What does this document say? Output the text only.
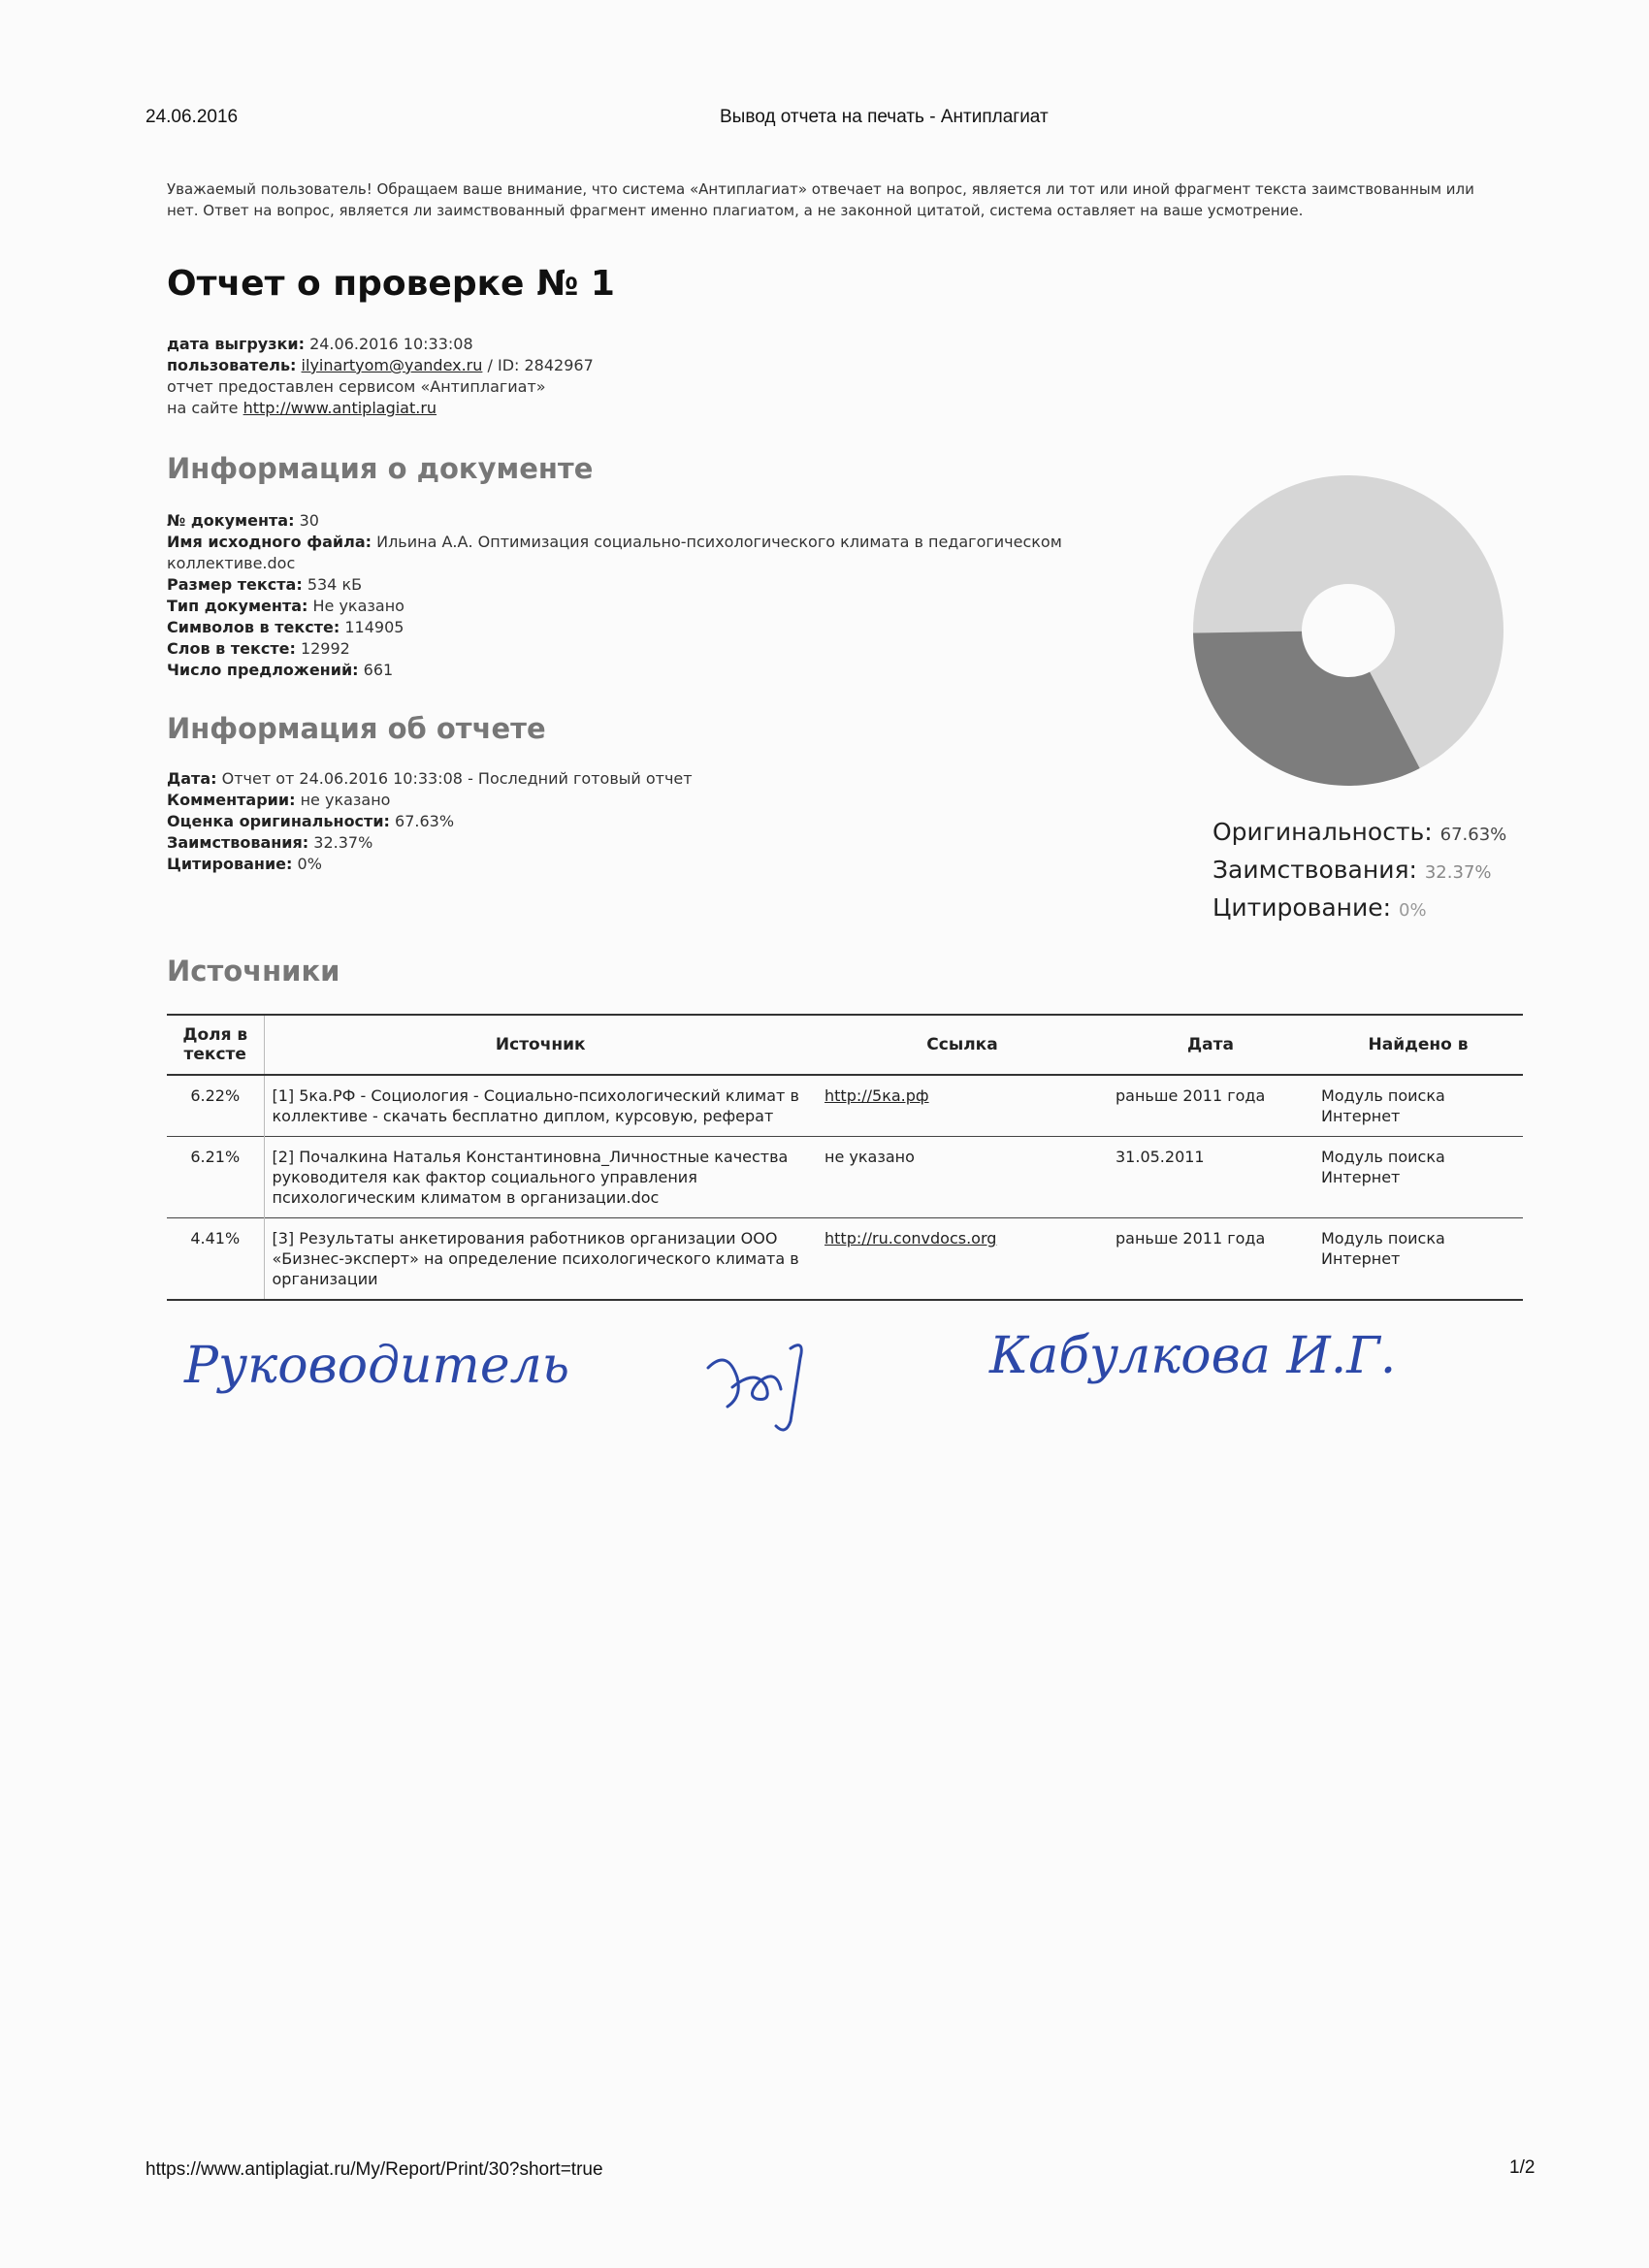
24.06.2016	Вывод отчета на печать - Антиплагиат
Уважаемый пользователь! Обращаем ваше внимание, что система «Антиплагиат» отвечает на вопрос, является ли тот или иной фрагмент текста заимствованным или нет. Ответ на вопрос, является ли заимствованный фрагмент именно плагиатом, а не законной цитатой, система оставляет на ваше усмотрение.
Отчет о проверке № 1
дата выгрузки: 24.06.2016 10:33:08
пользователь: ilyinartyom@yandex.ru / ID: 2842967
отчет предоставлен сервисом «Антиплагиат»
на сайте http://www.antiplagiat.ru
Информация о документе
№ документа: 30
Имя исходного файла: Ильина А.А. Оптимизация социально-психологического климата в педагогическом коллективе.doc
Размер текста: 534 кБ
Тип документа: Не указано
Символов в тексте: 114905
Слов в тексте: 12992
Число предложений: 661
Информация об отчете
Дата: Отчет от 24.06.2016 10:33:08 - Последний готовый отчет
Комментарии: не указано
Оценка оригинальности: 67.63%
Заимствования: 32.37%
Цитирование: 0%
Оригинальность: 67.63%
Заимствования: 32.37%
Цитирование: 0%
Источники
Доля в тексте	Источник	Ссылка	Дата	Найдено в
6.22%	[1] 5ка.РФ - Социология - Социально-психологический климат в коллективе - скачать бесплатно диплом, курсовую, реферат	http://5ка.рф	раньше 2011 года	Модуль поиска Интернет
6.21%	[2] Почалкина Наталья Константиновна_Личностные качества руководителя как фактор социального управления психологическим климатом в организации.doc	не указано	31.05.2011	Модуль поиска Интернет
4.41%	[3] Результаты анкетирования работников организации ООО «Бизнес-эксперт» на определение психологического климата в организации	http://ru.convdocs.org	раньше 2011 года	Модуль поиска Интернет
Руководитель	Кабулкова И.Г.
https://www.antiplagiat.ru/My/Report/Print/30?short=true	1/2
